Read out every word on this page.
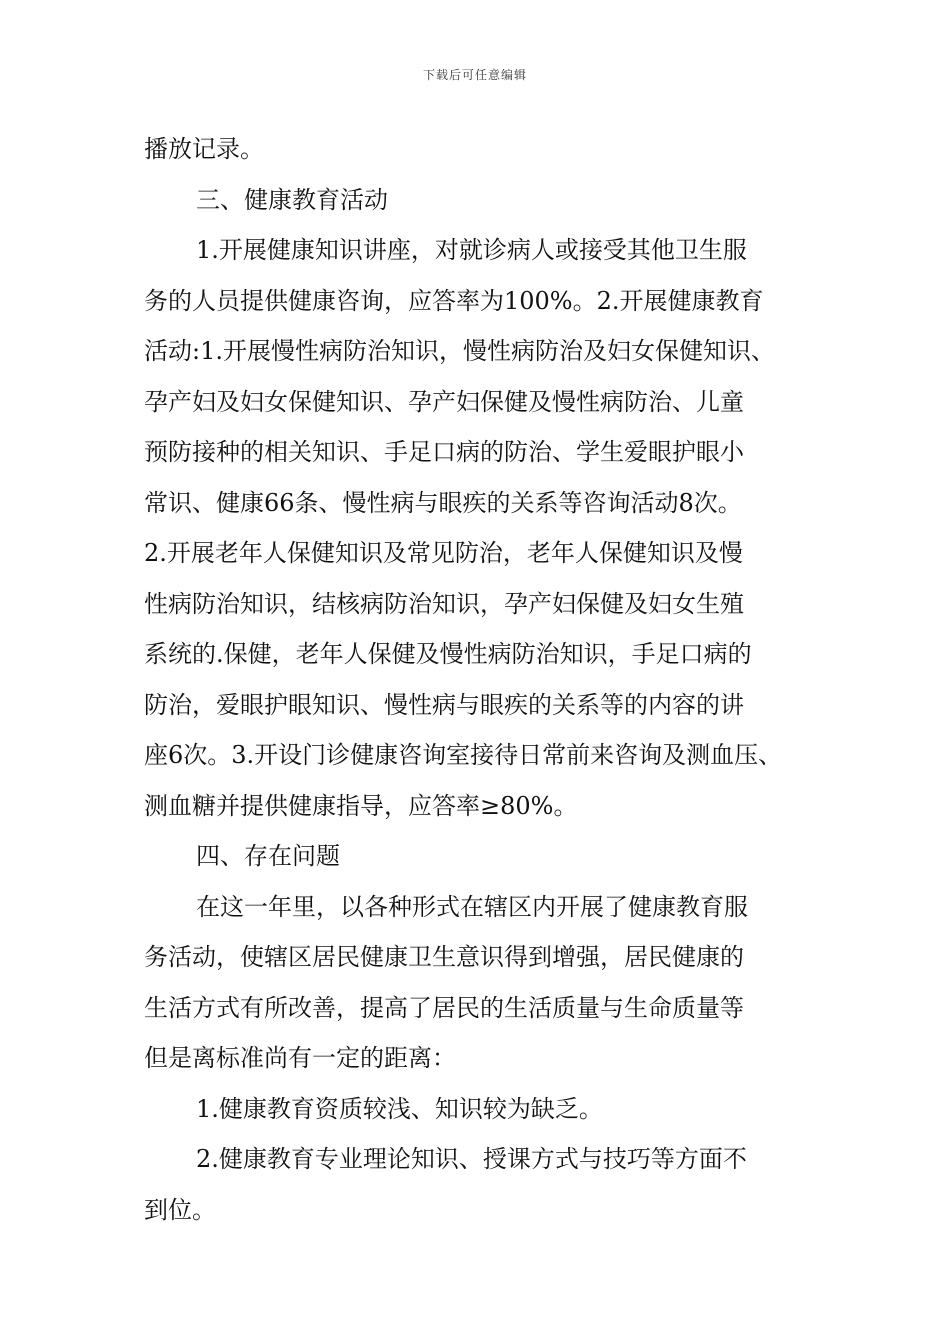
下载后可任意编辑
播放记录。
三、健康教育活动
1.开展健康知识讲座，对就诊病人或接受其他卫生服
务的人员提供健康咨询，应答率为100%。2.开展健康教育
活动:1.开展慢性病防治知识，慢性病防治及妇女保健知识、
孕产妇及妇女保健知识、孕产妇保健及慢性病防治、儿童
预防接种的相关知识、手足口病的防治、学生爱眼护眼小
常识、健康66条、慢性病与眼疾的关系等咨询活动8次。
2.开展老年人保健知识及常见防治，老年人保健知识及慢
性病防治知识，结核病防治知识，孕产妇保健及妇女生殖
系统的.保健，老年人保健及慢性病防治知识，手足口病的
防治，爱眼护眼知识、慢性病与眼疾的关系等的内容的讲
座6次。3.开设门诊健康咨询室接待日常前来咨询及测血压、
测血糖并提供健康指导，应答率≥80%。
四、存在问题
在这一年里，以各种形式在辖区内开展了健康教育服
务活动，使辖区居民健康卫生意识得到增强，居民健康的
生活方式有所改善，提高了居民的生活质量与生命质量等
但是离标准尚有一定的距离：
1.健康教育资质较浅、知识较为缺乏。
2.健康教育专业理论知识、授课方式与技巧等方面不
到位。
